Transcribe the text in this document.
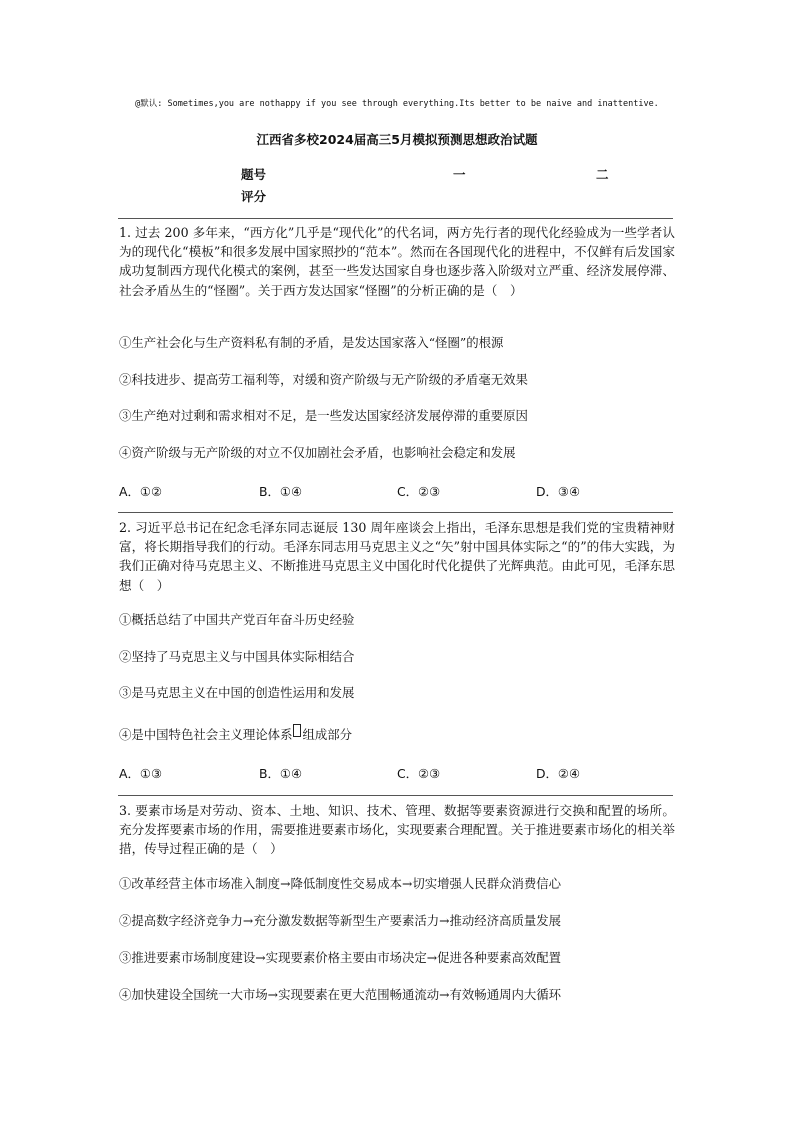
@默认: Sometimes,you are nothappy if you see through everything.Its better to be naive and inattentive.
江西省多校2024届高三5月模拟预测思想政治试题
题号	一	二
评分
1. 过去 200 多年来，“西方化”几乎是“现代化”的代名词，两方先行者的现代化经验成为一些学者认为的现代化“模板”和很多发展中国家照抄的“范本”。然而在各国现代化的进程中，不仅鲜有后发国家成功复制西方现代化模式的案例，甚至一些发达国家自身也逐步落入阶级对立严重、经济发展停滞、社会矛盾丛生的“怪圈”。关于西方发达国家“怪圈”的分析正确的是（　）
①生产社会化与生产资料私有制的矛盾，是发达国家落入“怪圈”的根源
②科技进步、提高劳工福利等，对缓和资产阶级与无产阶级的矛盾毫无效果
③生产绝对过剩和需求相对不足，是一些发达国家经济发展停滞的重要原因
④资产阶级与无产阶级的对立不仅加剧社会矛盾，也影响社会稳定和发展
A．①②	B．①④	C．②③	D．③④
2. 习近平总书记在纪念毛泽东同志诞辰 130 周年座谈会上指出，毛泽东思想是我们党的宝贵精神财富，将长期指导我们的行动。毛泽东同志用马克思主义之“矢”射中国具体实际之“的”的伟大实践，为我们正确对待马克思主义、不断推进马克思主义中国化时代化提供了光辉典范。由此可见，毛泽东思想（　）
①概括总结了中国共产党百年奋斗历史经验
②坚持了马克思主义与中国具体实际相结合
③是马克思主义在中国的创造性运用和发展
④是中国特色社会主义理论体系 组成部分
A．①③	B．①④	C．②③	D．②④
3. 要素市场是对劳动、资本、土地、知识、技术、管理、数据等要素资源进行交换和配置的场所。充分发挥要素市场的作用，需要推进要素市场化，实现要素合理配置。关于推进要素市场化的相关举措，传导过程正确的是（　）
①改革经营主体市场准入制度→降低制度性交易成本→切实增强人民群众消费信心
②提高数字经济竞争力→充分激发数据等新型生产要素活力→推动经济高质量发展
③推进要素市场制度建设→实现要素价格主要由市场决定→促进各种要素高效配置
④加快建设全国统一大市场→实现要素在更大范围畅通流动→有效畅通周内大循环
